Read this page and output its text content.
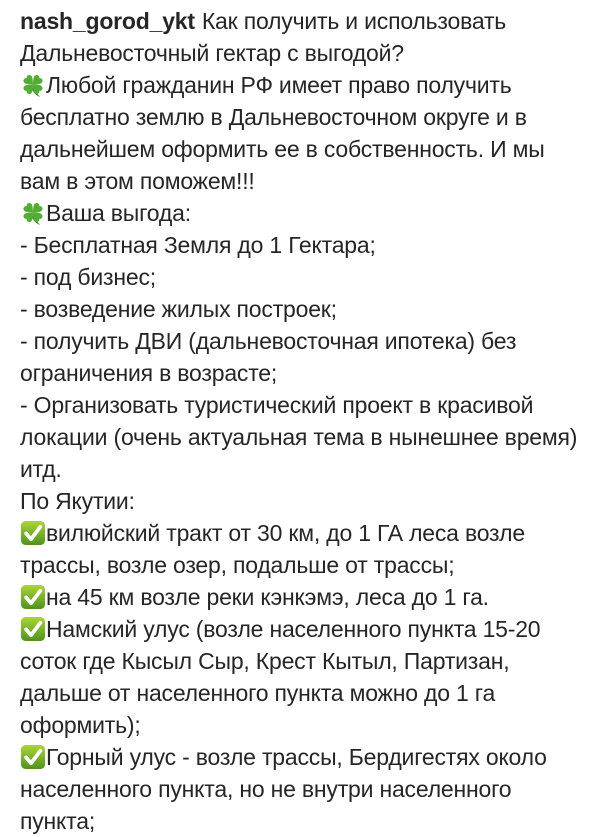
nash_gorod_ykt Как получить и использовать Дальневосточный гектар с выгодой?

Любой гражданин РФ имеет право получить бесплатно землю в Дальневосточном округе и в дальнейшем оформить ее в собственность. И мы вам в этом поможем!!!

Ваша выгода:

- Бесплатная Земля до 1 Гектара;

- под бизнес;

- возведение жилых построек;

- получить ДВИ (дальневосточная ипотека) без ограничения в возрасте;

- Организовать туристический проект в красивой локации (очень актуальная тема в нынешнее время) итд.

По Якутии:

вилюйский тракт от 30 км, до 1 ГА леса возле трассы, возле озер, подальше от трассы;

на 45 км возле реки кэнкэмэ, леса до 1 га.

Намский улус (возле населенного пункта 15-20 соток где Кысыл Сыр, Крест Кытыл, Партизан, дальше от населенного пункта можно до 1 га оформить);

Горный улус - возле трассы, Бердигестях около населенного пункта, но не внутри населенного пункта;
